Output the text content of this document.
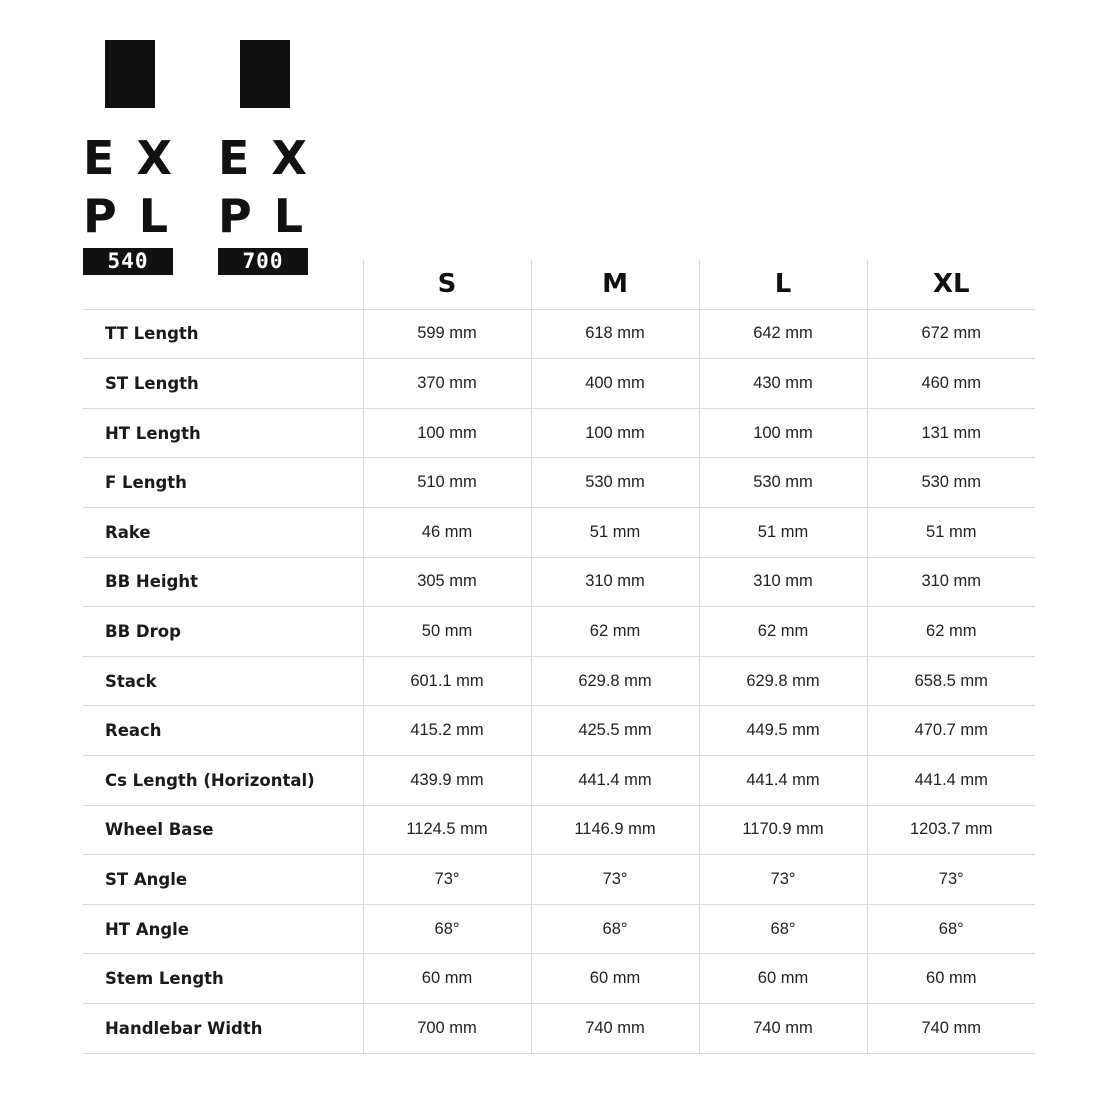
E X
P L
540
E X
P L
700
	S	M	L	XL
TT Length	599 mm	618 mm	642 mm	672 mm
ST Length	370 mm	400 mm	430 mm	460 mm
HT Length	100 mm	100 mm	100 mm	131 mm
F Length	510 mm	530 mm	530 mm	530 mm
Rake	46 mm	51 mm	51 mm	51 mm
BB Height	305 mm	310 mm	310 mm	310 mm
BB Drop	50 mm	62 mm	62 mm	62 mm
Stack	601.1 mm	629.8 mm	629.8 mm	658.5 mm
Reach	415.2 mm	425.5 mm	449.5 mm	470.7 mm
Cs Length (Horizontal)	439.9 mm	441.4 mm	441.4 mm	441.4 mm
Wheel Base	1124.5 mm	1146.9 mm	1170.9 mm	1203.7 mm
ST Angle	73°	73°	73°	73°
HT Angle	68°	68°	68°	68°
Stem Length	60 mm	60 mm	60 mm	60 mm
Handlebar Width	700 mm	740 mm	740 mm	740 mm
